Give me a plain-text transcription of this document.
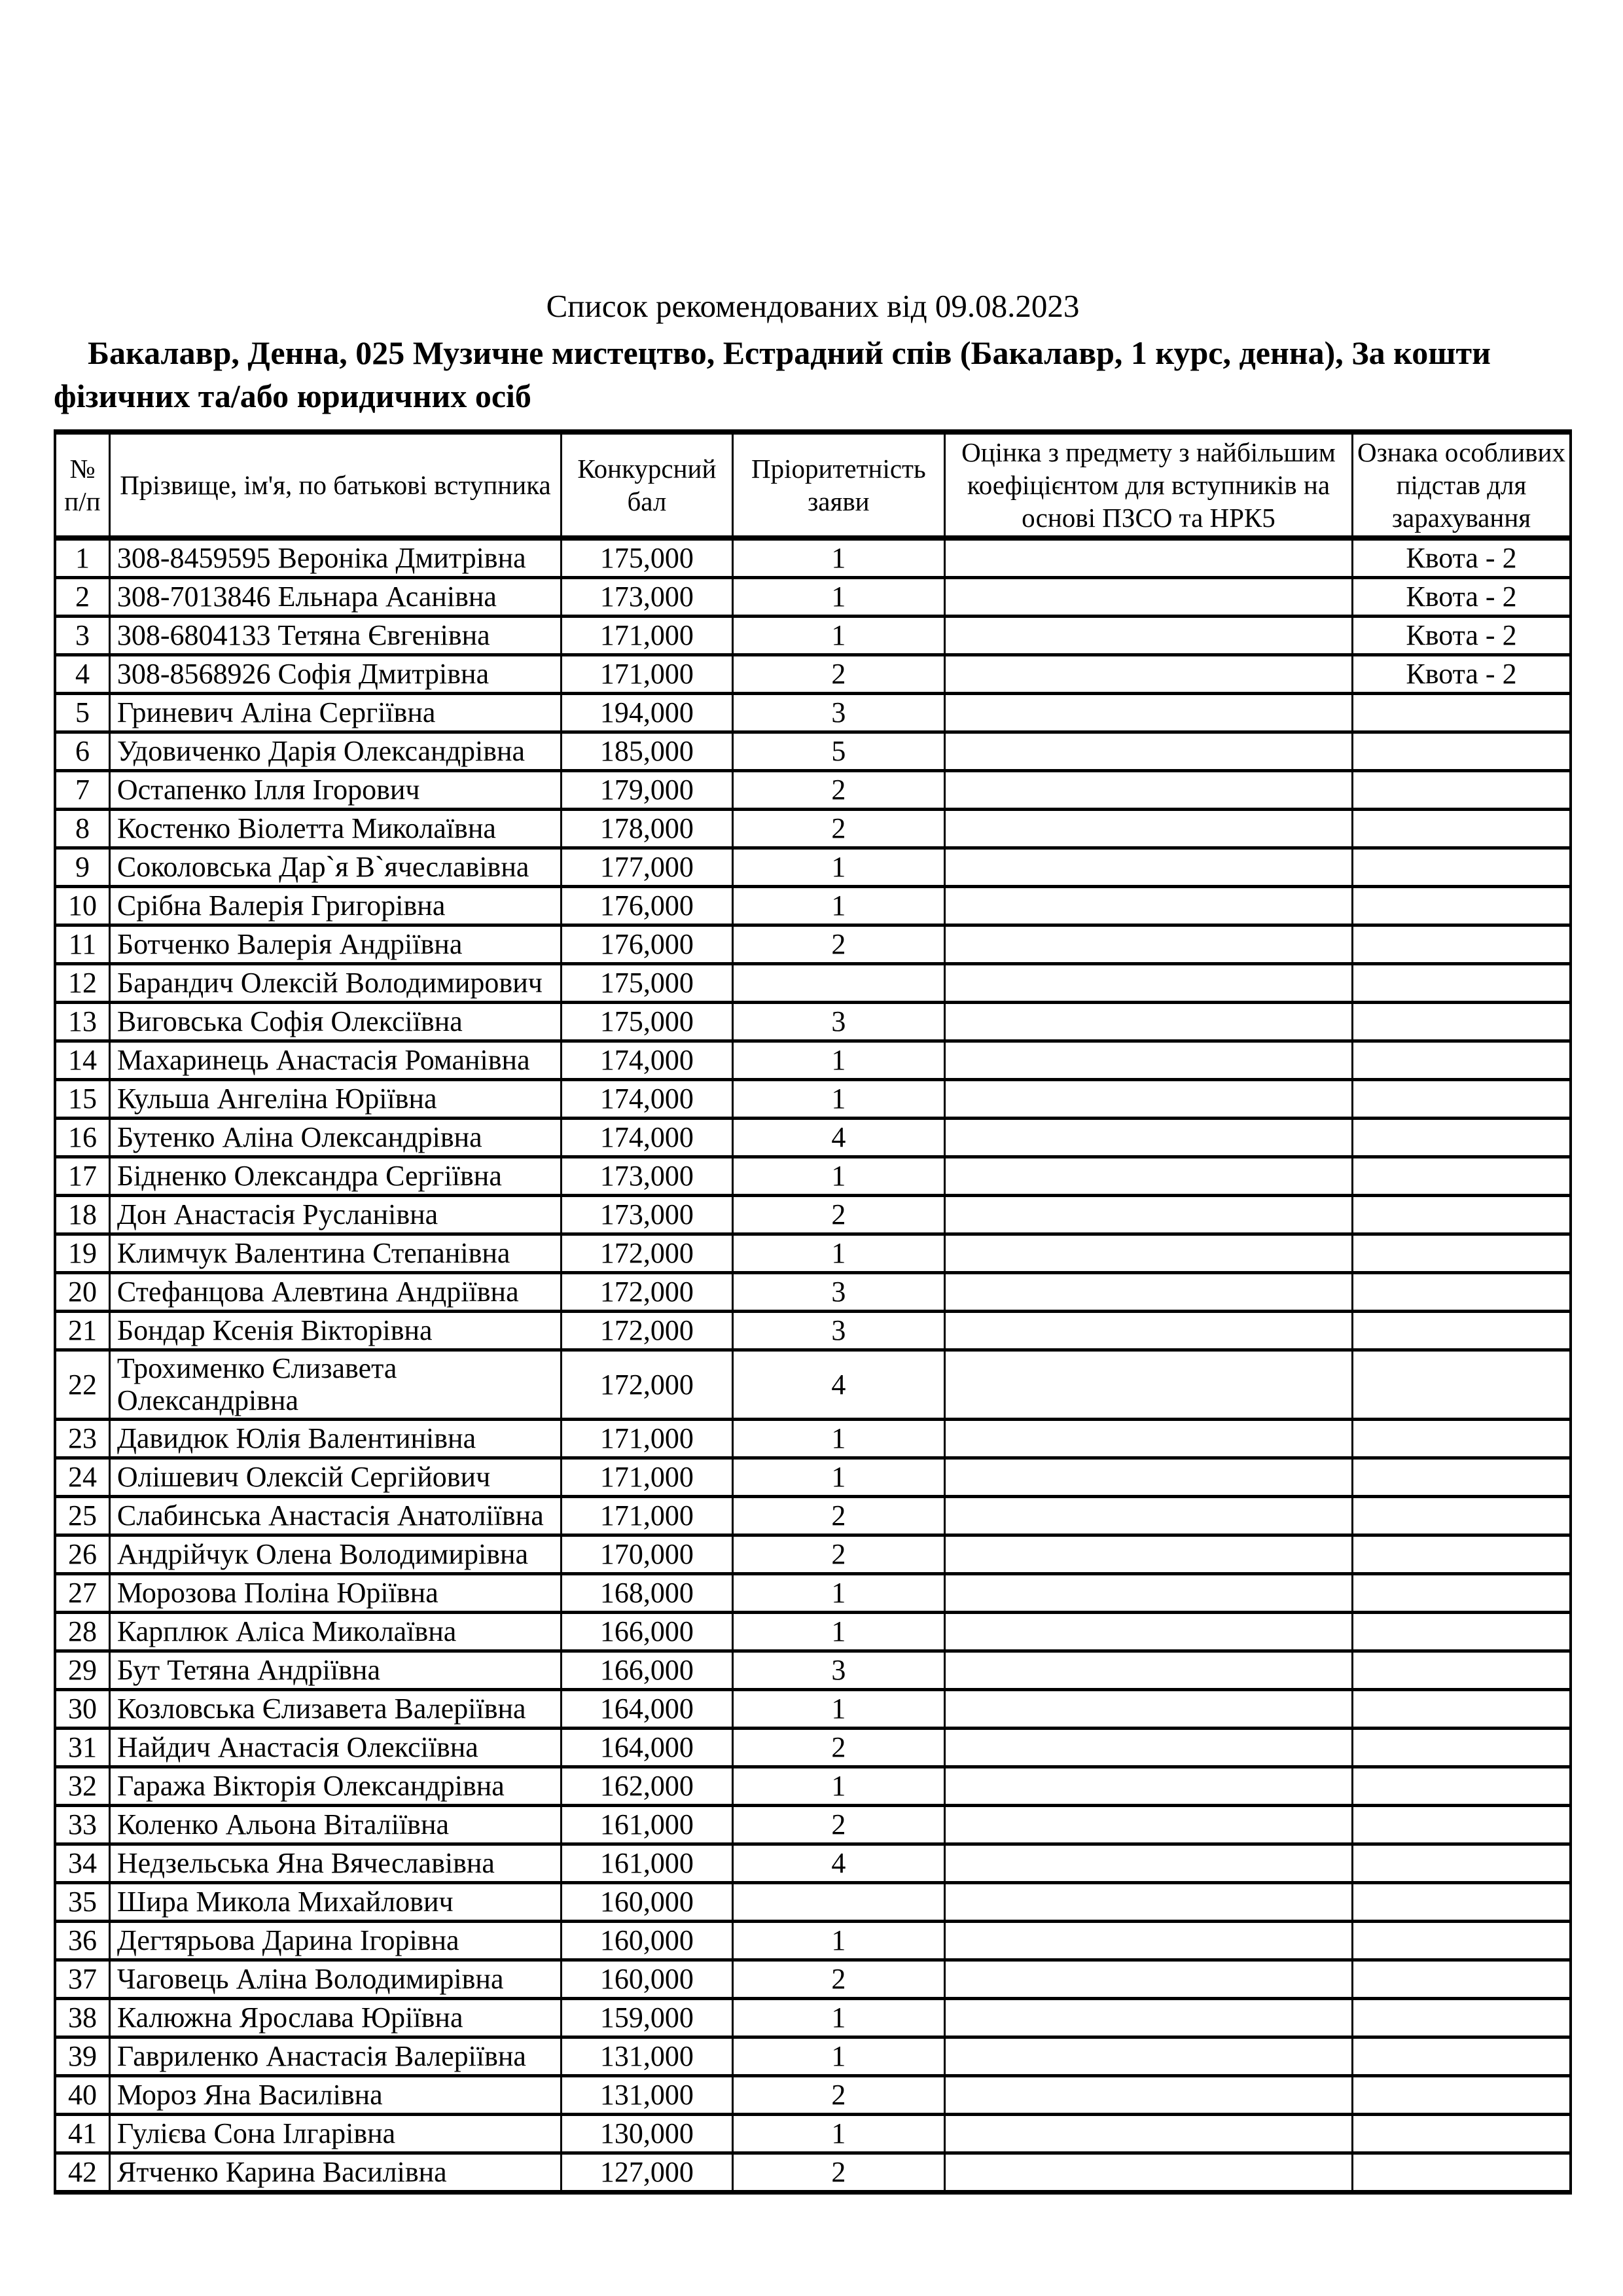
Список рекомендованих від 09.08.2023

Бакалавр, Денна, 025 Музичне мистецтво, Естрадний спів (Бакалавр, 1 курс, денна), За кошти фізичних та/або юридичних осіб

№ п/п	Прізвище, ім'я, по батькові вступника	Конкурсний бал	Пріоритетність заяви	Оцінка з предмету з найбільшим коефіцієнтом для вступників на основі ПЗСО та НРК5	Ознака особливих підстав для зарахування
1	308-8459595 Вероніка Дмитрівна	175,000	1		Квота - 2
2	308-7013846 Ельнара Асанівна	173,000	1		Квота - 2
3	308-6804133 Тетяна Євгенівна	171,000	1		Квота - 2
4	308-8568926 Софія Дмитрівна	171,000	2		Квота - 2
5	Гриневич Аліна Сергіївна	194,000	3		
6	Удовиченко Дарія Олександрівна	185,000	5		
7	Остапенко Ілля Ігорович	179,000	2		
8	Костенко Віолетта Миколаївна	178,000	2		
9	Соколовська Дар`я В`ячеславівна	177,000	1		
10	Срібна Валерія Григорівна	176,000	1		
11	Ботченко Валерія Андріївна	176,000	2		
12	Барандич Олексій Володимирович	175,000			
13	Виговська Софія Олексіївна	175,000	3		
14	Махаринець Анастасія Романівна	174,000	1		
15	Кульша Ангеліна Юріївна	174,000	1		
16	Бутенко Аліна Олександрівна	174,000	4		
17	Бідненко Олександра Сергіївна	173,000	1		
18	Дон Анастасія Русланівна	173,000	2		
19	Климчук Валентина Степанівна	172,000	1		
20	Стефанцова Алевтина Андріївна	172,000	3		
21	Бондар Ксенія Вікторівна	172,000	3		
22	Трохименко Єлизавета Олександрівна	172,000	4		
23	Давидюк Юлія Валентинівна	171,000	1		
24	Олішевич Олексій Сергійович	171,000	1		
25	Слабинська Анастасія Анатоліївна	171,000	2		
26	Андрійчук Олена Володимирівна	170,000	2		
27	Морозова Поліна Юріївна	168,000	1		
28	Карплюк Аліса Миколаївна	166,000	1		
29	Бут Тетяна Андріївна	166,000	3		
30	Козловська Єлизавета Валеріївна	164,000	1		
31	Найдич Анастасія Олексіївна	164,000	2		
32	Гаража Вікторія Олександрівна	162,000	1		
33	Коленко Альона Віталіївна	161,000	2		
34	Недзельська Яна Вячеславівна	161,000	4		
35	Шира Микола Михайлович	160,000			
36	Дегтярьова Дарина Ігорівна	160,000	1		
37	Чаговець Аліна Володимирівна	160,000	2		
38	Калюжна Ярослава Юріївна	159,000	1		
39	Гавриленко Анастасія Валеріївна	131,000	1		
40	Мороз Яна Василівна	131,000	2		
41	Гулієва Сона Ілгарівна	130,000	1		
42	Ятченко Карина Василівна	127,000	2		
